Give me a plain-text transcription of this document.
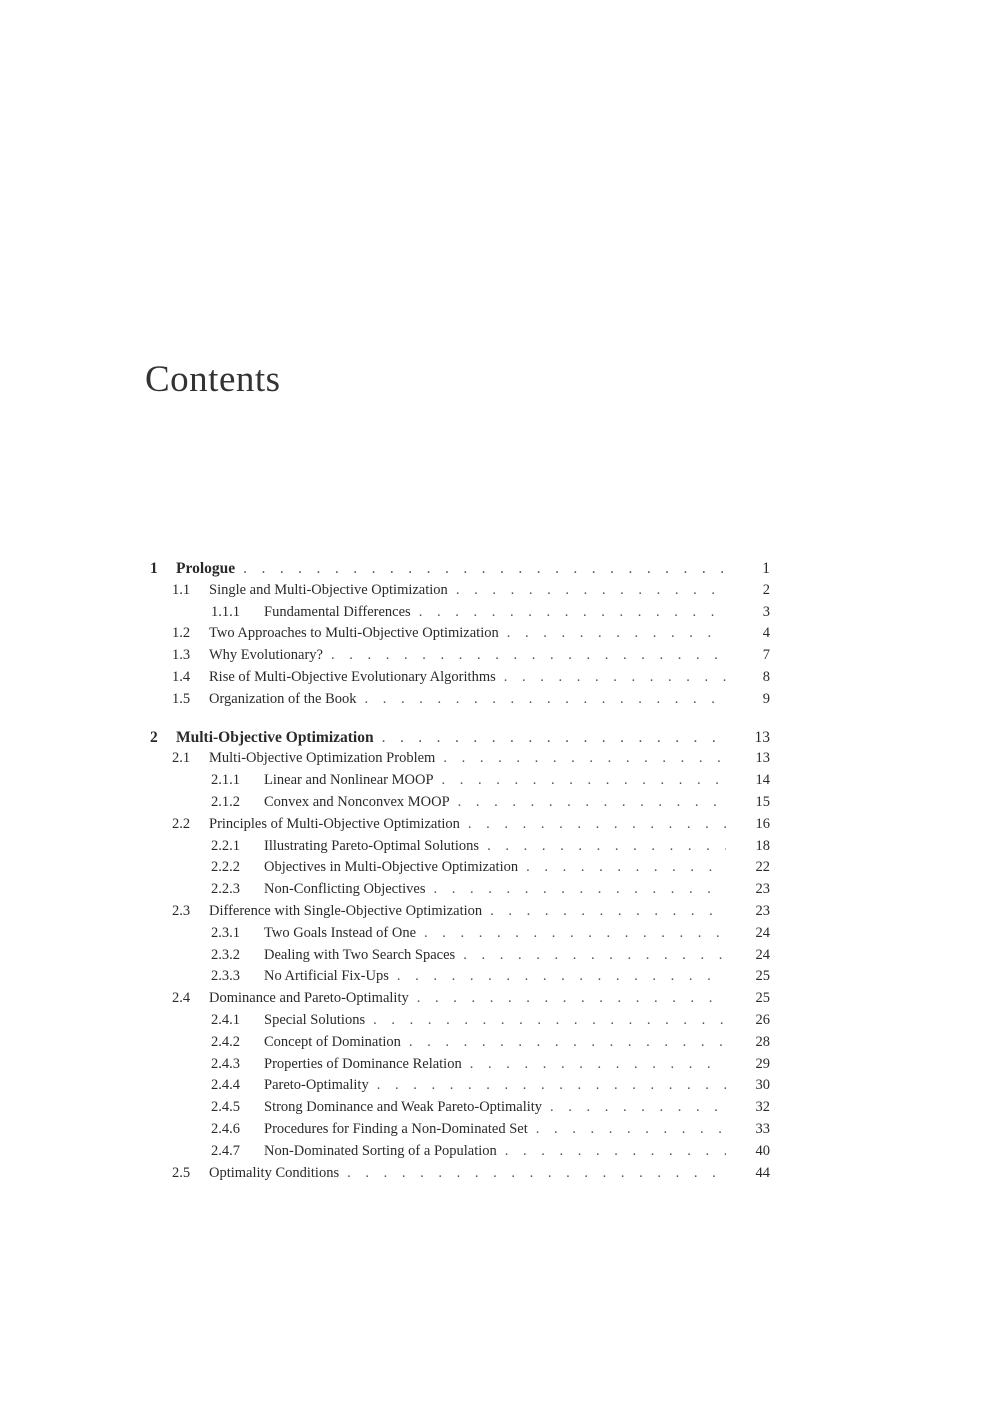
Contents
1	Prologue . . .	1
1.1	Single and Multi-Objective Optimization . . .	2
1.1.1	Fundamental Differences . . .	3
1.2	Two Approaches to Multi-Objective Optimization . . .	4
1.3	Why Evolutionary? . . .	7
1.4	Rise of Multi-Objective Evolutionary Algorithms . . .	8
1.5	Organization of the Book . . .	9
2	Multi-Objective Optimization . . .	13
2.1	Multi-Objective Optimization Problem . . .	13
2.1.1	Linear and Nonlinear MOOP . . .	14
2.1.2	Convex and Nonconvex MOOP . . .	15
2.2	Principles of Multi-Objective Optimization . . .	16
2.2.1	Illustrating Pareto-Optimal Solutions . . .	18
2.2.2	Objectives in Multi-Objective Optimization . . .	22
2.2.3	Non-Conflicting Objectives . . .	23
2.3	Difference with Single-Objective Optimization . . .	23
2.3.1	Two Goals Instead of One . . .	24
2.3.2	Dealing with Two Search Spaces . . .	24
2.3.3	No Artificial Fix-Ups . . .	25
2.4	Dominance and Pareto-Optimality . . .	25
2.4.1	Special Solutions . . .	26
2.4.2	Concept of Domination . . .	28
2.4.3	Properties of Dominance Relation . . .	29
2.4.4	Pareto-Optimality . . .	30
2.4.5	Strong Dominance and Weak Pareto-Optimality . . .	32
2.4.6	Procedures for Finding a Non-Dominated Set . . .	33
2.4.7	Non-Dominated Sorting of a Population . . .	40
2.5	Optimality Conditions . . .	44
